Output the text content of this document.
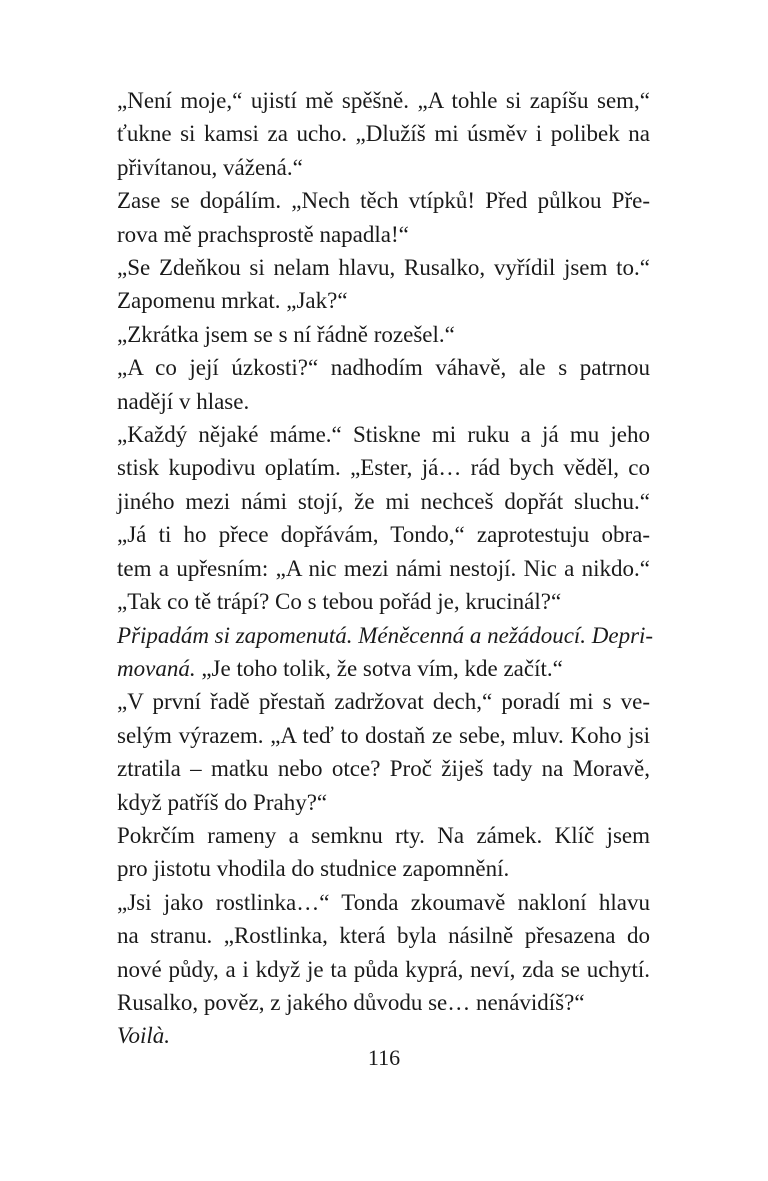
„Není moje,“ ujistí mě spěšně. „A tohle si zapíšu sem,“
ťukne si kamsi za ucho. „Dlužíš mi úsměv i polibek na
přivítanou, vážená.“
Zase se dopálím. „Nech těch vtípků! Před půlkou Pře-
rova mě prachsprostě napadla!“
„Se Zdeňkou si nelam hlavu, Rusalko, vyřídil jsem to.“
Zapomenu mrkat. „Jak?“
„Zkrátka jsem se s ní řádně rozešel.“
„A co její úzkosti?“ nadhodím váhavě, ale s patrnou
nadějí v hlase.
„Každý nějaké máme.“ Stiskne mi ruku a já mu jeho
stisk kupodivu oplatím. „Ester, já… rád bych věděl, co
jiného mezi námi stojí, že mi nechceš dopřát sluchu.“
„Já ti ho přece dopřávám, Tondo,“ zaprotestuju obra-
tem a upřesním: „A nic mezi námi nestojí. Nic a nikdo.“
„Tak co tě trápí? Co s tebou pořád je, krucinál?“
Připadám si zapomenutá. Méněcenná a nežádoucí. Depri-
movaná. „Je toho tolik, že sotva vím, kde začít.“
„V první řadě přestaň zadržovat dech,“ poradí mi s ve-
selým výrazem. „A teď to dostaň ze sebe, mluv. Koho jsi
ztratila – matku nebo otce? Proč žiješ tady na Moravě,
když patříš do Prahy?“
Pokrčím rameny a semknu rty. Na zámek. Klíč jsem
pro jistotu vhodila do studnice zapomnění.
„Jsi jako rostlinka…“ Tonda zkoumavě nakloní hlavu
na stranu. „Rostlinka, která byla násilně přesazena do
nové půdy, a i když je ta půda kyprá, neví, zda se uchytí.
Rusalko, pověz, z jakého důvodu se… nenávidíš?“
Voilà.
116
